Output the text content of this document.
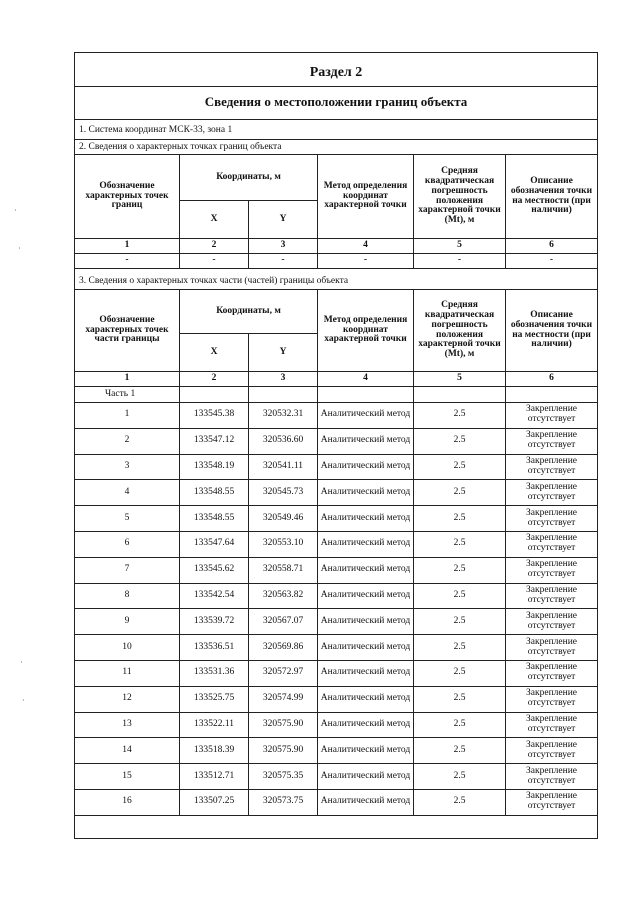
Раздел 2
Сведения о местоположении границ объекта
1. Система координат МСК-33, зона 1
2. Сведения о характерных точках границ объекта
Обозначение характерных точек границ	Координаты, м		Метод определения координат характерной точки	Средняя квадратическая погрешность положения характерной точки (Mt), м	Описание обозначения точки на местности (при наличии)
	X	Y			
1	2	3	4	5	6
-	-	-	-	-	-
3. Сведения о характерных точках части (частей) границы объекта
Обозначение характерных точек части границы	Координаты, м		Метод определения координат характерной точки	Средняя квадратическая погрешность положения характерной точки (Mt), м	Описание обозначения точки на местности (при наличии)
	X	Y			
1	2	3	4	5	6
Часть 1					
1	133545.38	320532.31	Аналитический метод	2.5	Закрепление отсутствует
2	133547.12	320536.60	Аналитический метод	2.5	Закрепление отсутствует
3	133548.19	320541.11	Аналитический метод	2.5	Закрепление отсутствует
4	133548.55	320545.73	Аналитический метод	2.5	Закрепление отсутствует
5	133548.55	320549.46	Аналитический метод	2.5	Закрепление отсутствует
6	133547.64	320553.10	Аналитический метод	2.5	Закрепление отсутствует
7	133545.62	320558.71	Аналитический метод	2.5	Закрепление отсутствует
8	133542.54	320563.82	Аналитический метод	2.5	Закрепление отсутствует
9	133539.72	320567.07	Аналитический метод	2.5	Закрепление отсутствует
10	133536.51	320569.86	Аналитический метод	2.5	Закрепление отсутствует
11	133531.36	320572.97	Аналитический метод	2.5	Закрепление отсутствует
12	133525.75	320574.99	Аналитический метод	2.5	Закрепление отсутствует
13	133522.11	320575.90	Аналитический метод	2.5	Закрепление отсутствует
14	133518.39	320575.90	Аналитический метод	2.5	Закрепление отсутствует
15	133512.71	320575.35	Аналитический метод	2.5	Закрепление отсутствует
16	133507.25	320573.75	Аналитический метод	2.5	Закрепление отсутствует
·
·
·
·
